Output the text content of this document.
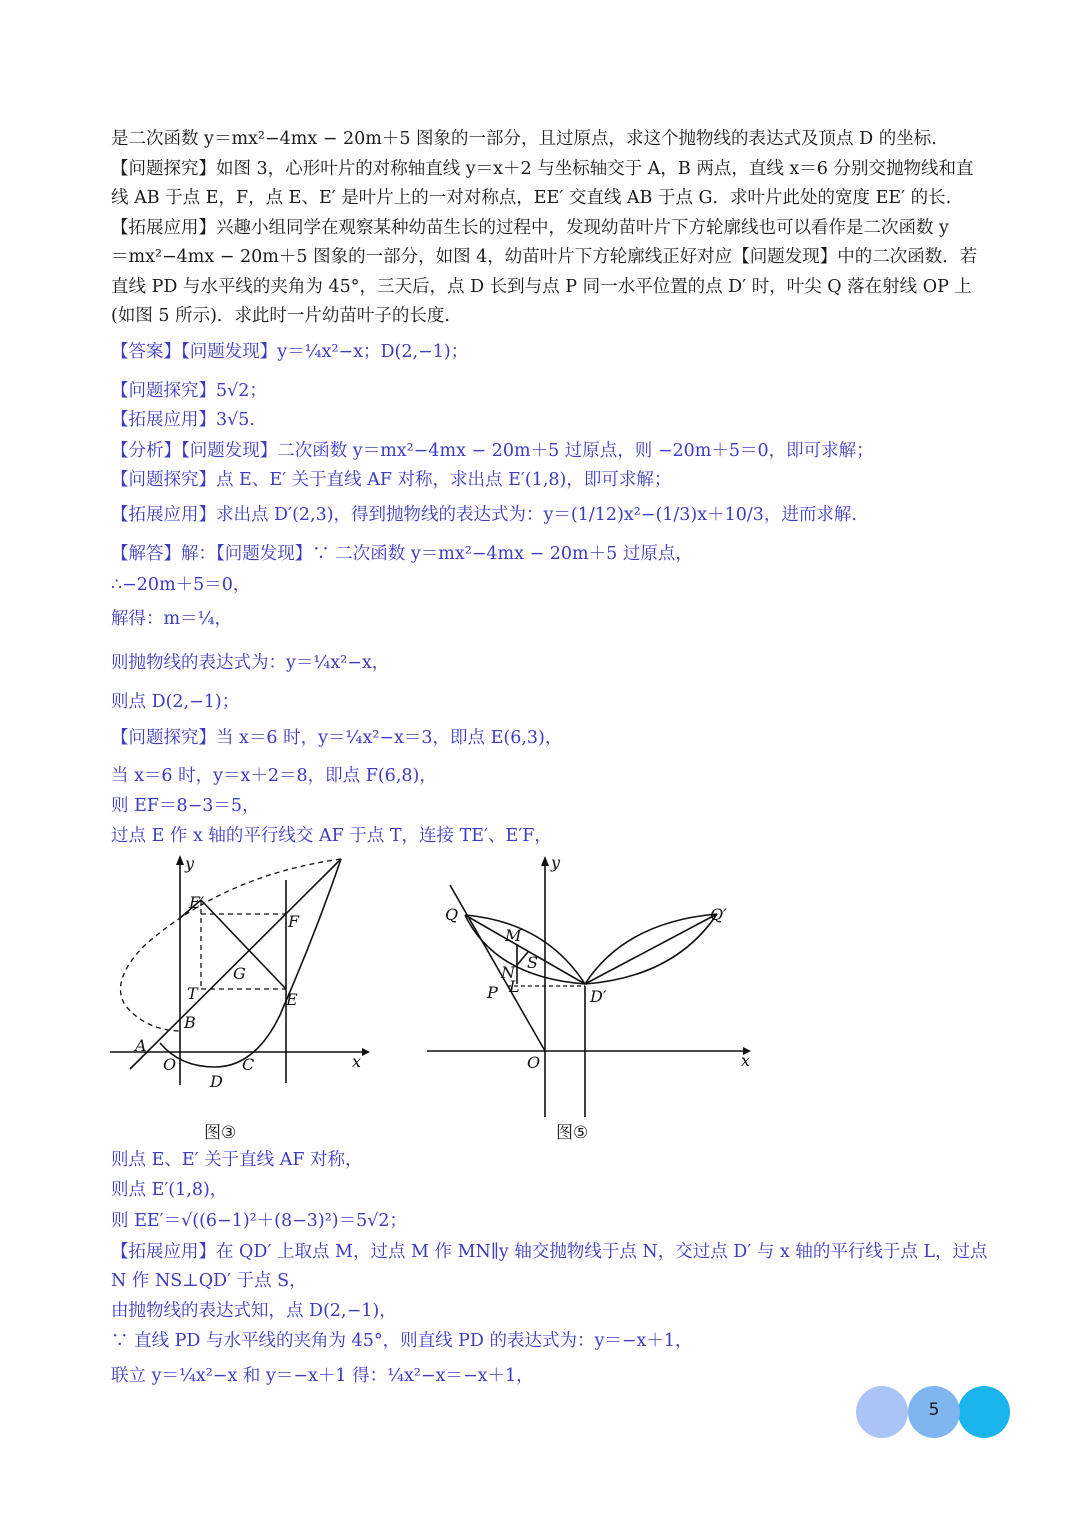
是二次函数 y＝mx²−4mx − 20m＋5 图象的一部分，且过原点，求这个抛物线的表达式及顶点 D 的坐标.
【问题探究】如图 3，心形叶片的对称轴直线 y＝x＋2 与坐标轴交于 A，B 两点，直线 x＝6 分别交抛物线和直
线 AB 于点 E，F，点 E、E′ 是叶片上的一对对称点，EE′ 交直线 AB 于点 G．求叶片此处的宽度 EE′ 的长.
【拓展应用】兴趣小组同学在观察某种幼苗生长的过程中，发现幼苗叶片下方轮廓线也可以看作是二次函数 y
＝mx²−4mx − 20m＋5 图象的一部分，如图 4，幼苗叶片下方轮廓线正好对应【问题发现】中的二次函数．若
直线 PD 与水平线的夹角为 45°，三天后，点 D 长到与点 P 同一水平位置的点 D′ 时，叶尖 Q 落在射线 OP 上
(如图 5 所示)．求此时一片幼苗叶子的长度.
【答案】【问题发现】y＝¼x²−x；D(2,−1)；
【问题探究】5√2；
【拓展应用】3√5.
【分析】【问题发现】二次函数 y＝mx²−4mx − 20m＋5 过原点，则 −20m＋5＝0，即可求解；
【问题探究】点 E、E′ 关于直线 AF 对称，求出点 E′(1,8)，即可求解；
【拓展应用】求出点 D′(2,3)，得到抛物线的表达式为：y＝(1/12)x²−(1/3)x＋10/3，进而求解.
【解答】解：【问题发现】∵ 二次函数 y＝mx²−4mx − 20m＋5 过原点，
∴−20m＋5＝0，
解得：m＝¼，
则抛物线的表达式为：y＝¼x²−x，
则点 D(2,−1)；
【问题探究】当 x＝6 时，y＝¼x²−x＝3，即点 E(6,3)，
当 x＝6 时，y＝x＋2＝8，即点 F(6,8)，
则 EF＝8−3＝5，
过点 E 作 x 轴的平行线交 AF 于点 T，连接 TE′、E′F，
y
x
E′
F
G
T	E
B
A
O	C
D
图③
y
x
Q	Q′
M
S
N
L
P	D′
O
图⑤
则点 E、E′ 关于直线 AF 对称，
则点 E′(1,8)，
则 EE′＝√((6−1)²＋(8−3)²)＝5√2；
【拓展应用】在 QD′ 上取点 M，过点 M 作 MN∥y 轴交抛物线于点 N，交过点 D′ 与 x 轴的平行线于点 L，过点
N 作 NS⊥QD′ 于点 S，
由抛物线的表达式知，点 D(2,−1)，
∵ 直线 PD 与水平线的夹角为 45°，则直线 PD 的表达式为：y＝−x＋1，
联立 y＝¼x²−x 和 y＝−x＋1 得：¼x²−x＝−x＋1，
5
